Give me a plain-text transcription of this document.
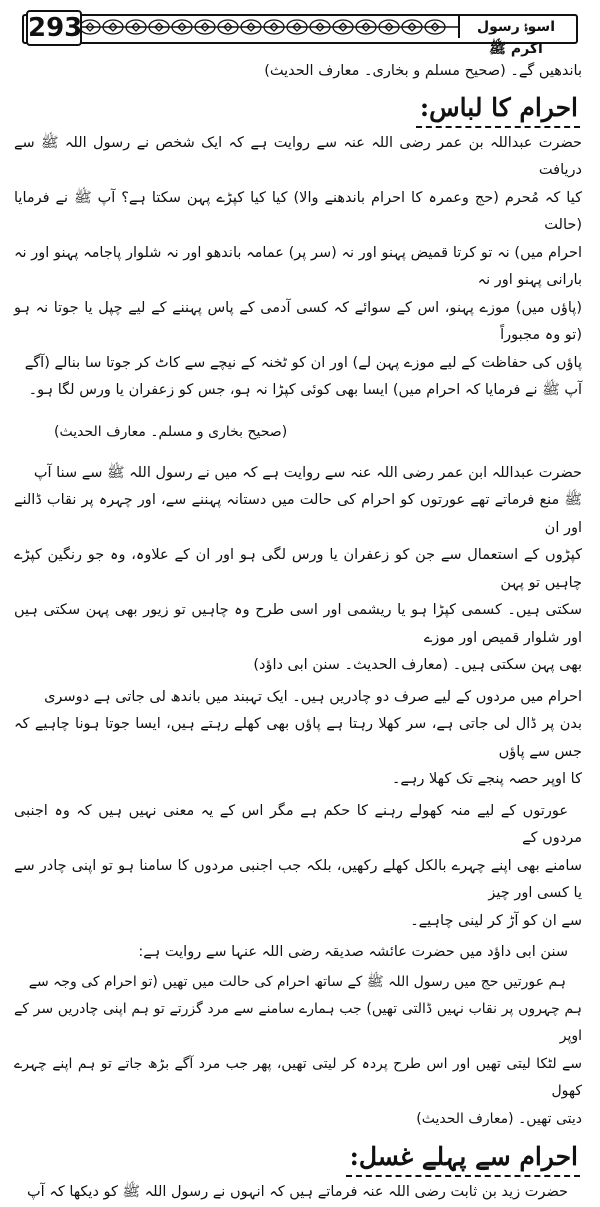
293	اسوۂ رسول اکرم ﷺ

باندھیں گے۔ (صحیح مسلم و بخاری۔ معارف الحدیث)

احرام کا لباس:

حضرت عبداللہ بن عمر رضی اللہ عنہ سے روایت ہے کہ ایک شخص نے رسول اللہ ﷺ سے دریافت

کیا کہ مُحرم (حج وعمرہ کا احرام باندھنے والا) کیا کیا کپڑے پہن سکتا ہے؟ آپ ﷺ نے فرمایا (حالت

احرام میں) نہ تو کرتا قمیض پہنو اور نہ (سر پر) عمامہ باندھو اور نہ شلوار پاجامہ پہنو اور نہ بارانی پہنو اور نہ

(پاؤں میں) موزے پہنو، اس کے سوائے کہ کسی آدمی کے پاس پہننے کے لیے چپل یا جوتا نہ ہو (تو وہ مجبوراً

پاؤں کی حفاظت کے لیے موزے پہن لے) اور ان کو ٹخنہ کے نیچے سے کاٹ کر جوتا سا بنالے (آگے

آپ ﷺ نے فرمایا کہ احرام میں) ایسا بھی کوئی کپڑا نہ ہو، جس کو زعفران یا ورس لگا ہو۔

(صحیح بخاری و مسلم۔ معارف الحدیث)

حضرت عبداللہ ابن عمر رضی اللہ عنہ سے روایت ہے کہ میں نے رسول اللہ ﷺ سے سنا آپ

ﷺ منع فرماتے تھے عورتوں کو احرام کی حالت میں دستانہ پہننے سے، اور چہرہ پر نقاب ڈالنے اور ان

کپڑوں کے استعمال سے جن کو زعفران یا ورس لگی ہو اور ان کے علاوہ، وہ جو رنگین کپڑے چاہیں تو پہن

سکتی ہیں۔ کسمی کپڑا ہو یا ریشمی اور اسی طرح وہ چاہیں تو زیور بھی پہن سکتی ہیں اور شلوار قمیص اور موزے

بھی پہن سکتی ہیں۔ (معارف الحدیث۔ سنن ابی داؤد)

احرام میں مردوں کے لیے صرف دو چادریں ہیں۔ ایک تہبند میں باندھ لی جاتی ہے دوسری

بدن پر ڈال لی جاتی ہے، سر کھلا رہتا ہے پاؤں بھی کھلے رہتے ہیں، ایسا جوتا ہونا چاہیے کہ جس سے پاؤں

کا اوپر حصہ پنجے تک کھلا رہے۔

عورتوں کے لیے منہ کھولے رہنے کا حکم ہے مگر اس کے یہ معنی نہیں ہیں کہ وہ اجنبی مردوں کے

سامنے بھی اپنے چہرے بالکل کھلے رکھیں، بلکہ جب اجنبی مردوں کا سامنا ہو تو اپنی چادر سے یا کسی اور چیز

سے ان کو آڑ کر لینی چاہیے۔

سنن ابی داؤد میں حضرت عائشہ صدیقہ رضی اللہ عنہا سے روایت ہے:

ہم عورتیں حج میں رسول اللہ ﷺ کے ساتھ احرام کی حالت میں تھیں (تو احرام کی وجہ سے

ہم چہروں پر نقاب نہیں ڈالتی تھیں) جب ہمارے سامنے سے مرد گزرتے تو ہم اپنی چادریں سر کے اوپر

سے لٹکا لیتی تھیں اور اس طرح پردہ کر لیتی تھیں، پھر جب مرد آگے بڑھ جاتے تو ہم اپنے چہرے کھول

دیتی تھیں۔ (معارف الحدیث)

احرام سے پہلے غسل:

حضرت زید بن ثابت رضی اللہ عنہ فرماتے ہیں کہ انہوں نے رسول اللہ ﷺ کو دیکھا کہ آپ
